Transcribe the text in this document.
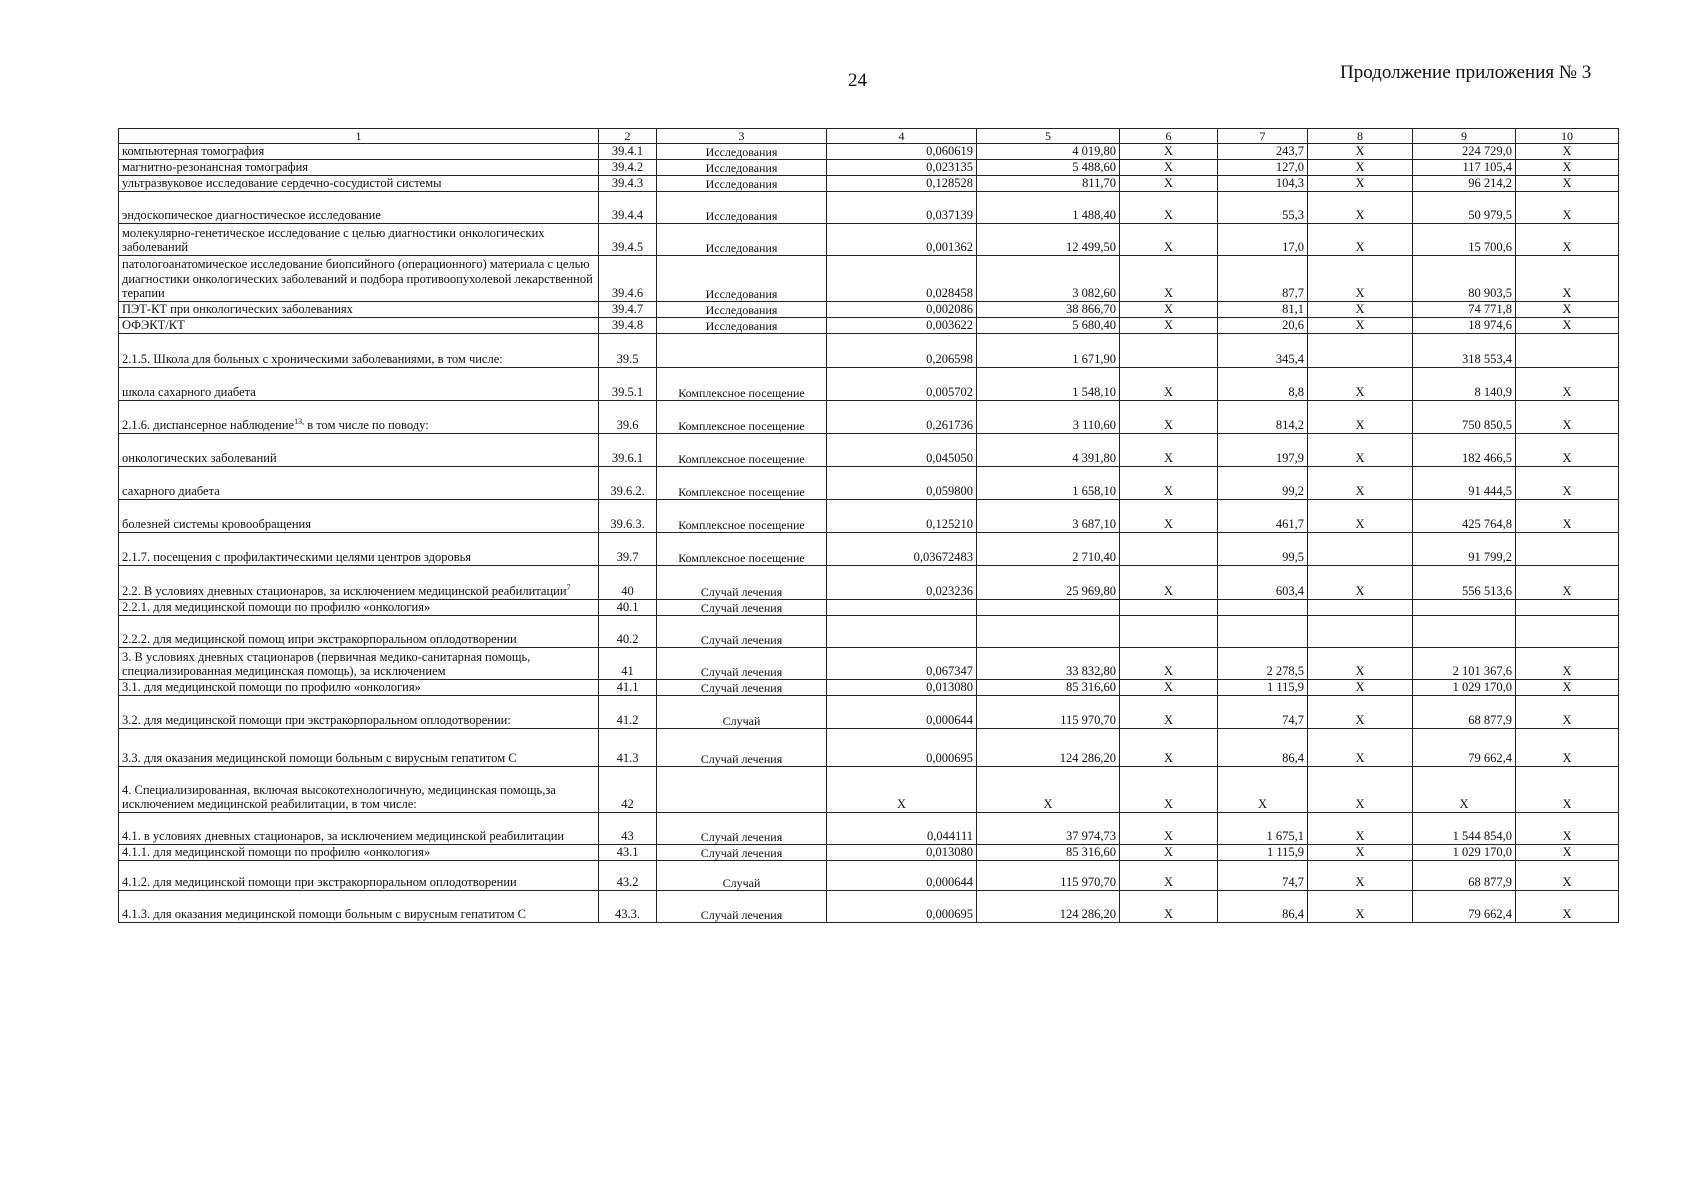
24	Продолжение приложения № 3
1	2	3	4	5	6	7	8	9	10
компьютерная томография	39.4.1	Исследования	0,060619	4 019,80	X	243,7	X	224 729,0	X
магнитно-резонансная томография	39.4.2	Исследования	0,023135	5 488,60	X	127,0	X	117 105,4	X
ультразвуковое исследование сердечно-сосудистой системы	39.4.3	Исследования	0,128528	811,70	X	104,3	X	96 214,2	X
эндоскопическое диагностическое исследование	39.4.4	Исследования	0,037139	1 488,40	X	55,3	X	50 979,5	X
молекулярно-генетическое исследование с целью диагностики онкологических заболеваний	39.4.5	Исследования	0,001362	12 499,50	X	17,0	X	15 700,6	X
патологоанатомическое исследование биопсийного (операционного) материала с целью диагностики онкологических заболеваний и подбора противоопухолевой лекарственной терапии	39.4.6	Исследования	0,028458	3 082,60	X	87,7	X	80 903,5	X
ПЭТ-КТ при онкологических заболеваниях	39.4.7	Исследования	0,002086	38 866,70	X	81,1	X	74 771,8	X
ОФЭКТ/КТ	39.4.8	Исследования	0,003622	5 680,40	X	20,6	X	18 974,6	X
2.1.5. Школа для больных с хроническими заболеваниями, в том числе:	39.5		0,206598	1 671,90		345,4		318 553,4	
школа сахарного диабета	39.5.1	Комплексное посещение	0,005702	1 548,10	X	8,8	X	8 140,9	X
2.1.6. диспансерное наблюдение$^{13,}$ в том числе по поводу:	39.6	Комплексное посещение	0,261736	3 110,60	X	814,2	X	750 850,5	X
онкологических заболеваний	39.6.1	Комплексное посещение	0,045050	4 391,80	X	197,9	X	182 466,5	X
сахарного диабета	39.6.2.	Комплексное посещение	0,059800	1 658,10	X	99,2	X	91 444,5	X
болезней системы кровообращения	39.6.3.	Комплексное посещение	0,125210	3 687,10	X	461,7	X	425 764,8	X
2.1.7. посещения с профилактическими целями центров здоровья	39.7	Комплексное посещение	0,03672483	2 710,40		99,5		91 799,2	
2.2. В условиях дневных стационаров, за исключением медицинской реабилитации$^7$	40	Случай лечения	0,023236	25 969,80	X	603,4	X	556 513,6	X
2.2.1. для медицинской помощи по профилю «онкология»	40.1	Случай лечения							
2.2.2. для медицинской помощ ипри экстракорпоральном оплодотворении	40.2	Случай лечения							
3. В условиях дневных стационаров (первичная медико-санитарная помощь, специализированная медицинская помощь), за исключением	41	Случай лечения	0,067347	33 832,80	X	2 278,5	X	2 101 367,6	X
3.1. для медицинской помощи по профилю «онкология»	41.1	Случай лечения	0,013080	85 316,60	X	1 115,9	X	1 029 170,0	X
3.2. для медицинской помощи при экстракорпоральном оплодотворении:	41.2	Случай	0,000644	115 970,70	X	74,7	X	68 877,9	X
3.3. для оказания медицинской помощи больным с вирусным гепатитом С	41.3	Случай лечения	0,000695	124 286,20	X	86,4	X	79 662,4	X
4. Специализированная, включая высокотехнологичную, медицинская помощь,за исключением медицинской реабилитации, в том числе:	42		X	X	X	X	X	X	X
4.1. в условиях дневных стационаров, за исключением медицинской реабилитации	43	Случай лечения	0,044111	37 974,73	X	1 675,1	X	1 544 854,0	X
4.1.1. для медицинской помощи по профилю «онкология»	43.1	Случай лечения	0,013080	85 316,60	X	1 115,9	X	1 029 170,0	X
4.1.2. для медицинской помощи при экстракорпоральном оплодотворении	43.2	Случай	0,000644	115 970,70	X	74,7	X	68 877,9	X
4.1.3. для оказания медицинской помощи больным с вирусным гепатитом С	43.3.	Случай лечения	0,000695	124 286,20	X	86,4	X	79 662,4	X
